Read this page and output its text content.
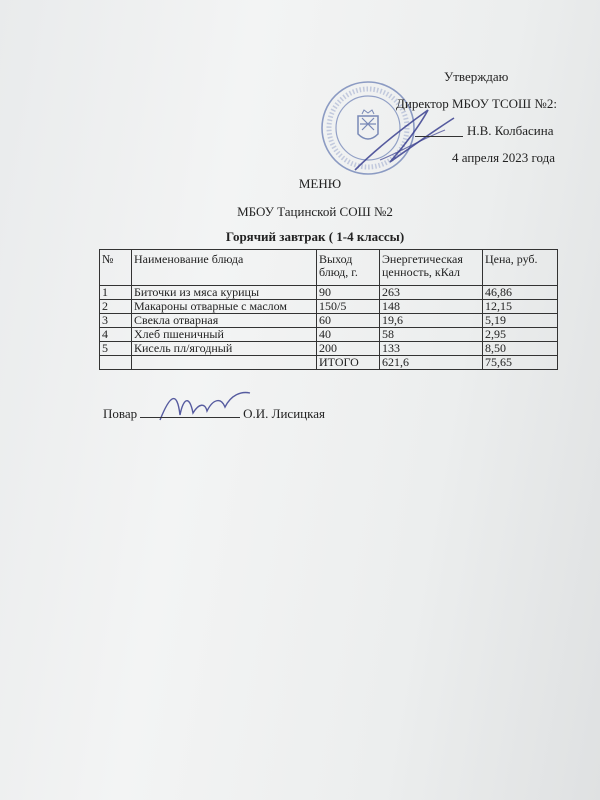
Утверждаю
Директор МБОУ ТСОШ №2:
Н.В. Колбасина
4 апреля 2023 года
МЕНЮ
МБОУ Тацинской СОШ №2
Горячий завтрак ( 1-4 классы)
№	Наименование блюда	Выход блюд, г.	Энергетическая ценность, кКал	Цена, руб.
1	Биточки из мяса курицы	90	263	46,86
2	Макароны отварные с маслом	150/5	148	12,15
3	Свекла отварная	60	19,6	5,19
4	Хлеб пшеничный	40	58	2,95
5	Кисель пл/ягодный	200	133	8,50
		ИТОГО	621,6	75,65
Повар	О.И. Лисицкая
